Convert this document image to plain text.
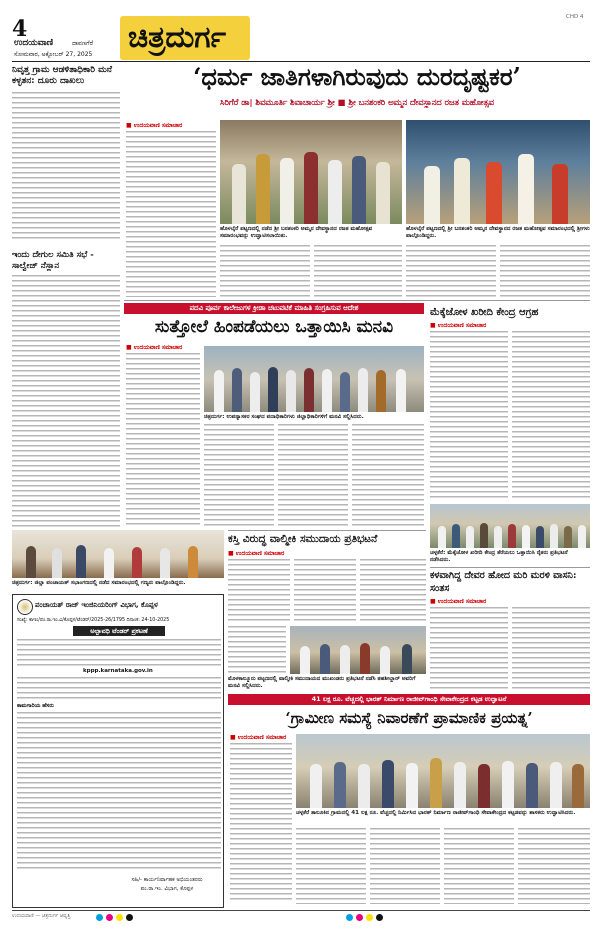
4
ಉದಯವಾಣಿ	ದಾವಣಗೆರೆ
ಸೋಮವಾರ, ಅಕ್ಟೋಬರ್ 27, 2025 ಚಿತ್ರದುರ್ಗ
CHD 4
ನಿವೃತ್ತ ಗ್ರಾಮ ಆಡಳಿತಾಧಿಕಾರಿ ಮನೆ ಕಳ್ಳತನ: ದೂರು ದಾಖಲು
ಇಂದು ದೇಗುಲ ಸಮಿತಿ ಸಭೆ - ಸಾಲ್ವೇಜ್ ನೆಸ್ಲಾನ
ಚಿತ್ರದುರ್ಗ: ಜಿಲ್ಲಾ ಪಂಚಾಯತ್ ಸಭಾಂಗಣದಲ್ಲಿ ನಡೆದ ಸಮಾರಂಭದಲ್ಲಿ ಗಣ್ಯರು ಪಾಲ್ಗೊಂಡಿದ್ದರು.
‘ಧರ್ಮ ಜಾತಿಗಳಾಗಿರುವುದು ದುರದೃಷ್ಟಕರ’
ಸಿರಿಗೆರೆ ಡಾ| ಶಿವಮೂರ್ತಿ ಶಿವಾಚಾರ್ಯ ಶ್ರೀ ■ ಶ್ರೀ ಬನಶಂಕರಿ ಅಮ್ಮನ ದೇವಸ್ಥಾನದ ರಜತ ಮಹೋತ್ಸವ
■ ಉದಯವಾಣಿ ಸಮಾಚಾರ
ಹೊಳಲ್ಕೆರೆ ಪಟ್ಟಣದಲ್ಲಿ ನಡೆದ ಶ್ರೀ ಬನಶಂಕರಿ ಅಮ್ಮನ ದೇವಸ್ಥಾನದ ರಜತ ಮಹೋತ್ಸವ ಸಮಾರಂಭವನ್ನು ಉದ್ಘಾಟಿಸಲಾಯಿತು.
ಹೊಳಲ್ಕೆರೆ ಪಟ್ಟಣದಲ್ಲಿ ಶ್ರೀ ಬನಶಂಕರಿ ಅಮ್ಮನ ದೇವಸ್ಥಾನದ ರಜತ ಮಹೋತ್ಸವ ಸಮಾರಂಭದಲ್ಲಿ ಶ್ರೀಗಳು ಪಾಲ್ಗೊಂಡಿದ್ದರು.
ಪದವಿ ಪೂರ್ವ ಕಾಲೇಜುಗಳ ಕ್ರೀಡಾ ಚಟುವಟಿಕೆ ಮಾಹಿತಿ ಸಂಗ್ರಹಿಸುವ ಆದೇಶ
ಸುತ್ತೋಲೆ ಹಿಂಪಡೆಯಲು ಒತ್ತಾಯಿಸಿ ಮನವಿ
■ ಉದಯವಾಣಿ ಸಮಾಚಾರ
ಚಿತ್ರದುರ್ಗ: ಉಪನ್ಯಾಸಕರ ಸಂಘದ ಪದಾಧಿಕಾರಿಗಳು ಜಿಲ್ಲಾಧಿಕಾರಿಗಳಿಗೆ ಮನವಿ ಸಲ್ಲಿಸಿದರು.
ಮೆಕ್ಕೆಜೋಳ ಖರೀದಿ ಕೇಂದ್ರ ಆಗ್ರಹ
■ ಉದಯವಾಣಿ ಸಮಾಚಾರ
ಚಳ್ಳಕೆರೆ: ಮೆಕ್ಕೆಜೋಳ ಖರೀದಿ ಕೇಂದ್ರ ತೆರೆಯಲು ಒತ್ತಾಯಿಸಿ ರೈತರು ಪ್ರತಿಭಟನೆ ನಡೆಸಿದರು.
ಕಸ್ತಿ ವಿರುದ್ಧ ವಾಲ್ಮೀಕಿ ಸಮುದಾಯ ಪ್ರತಿಭಟನೆ
■ ಉದಯವಾಣಿ ಸಮಾಚಾರ
ಮೊಳಕಾಲ್ಮೂರು ಪಟ್ಟಣದಲ್ಲಿ ವಾಲ್ಮೀಕಿ ಸಮುದಾಯದ ಮುಖಂಡರು ಪ್ರತಿಭಟನೆ ನಡೆಸಿ ತಹಶೀಲ್ದಾರ್ ಅವರಿಗೆ ಮನವಿ ಸಲ್ಲಿಸಿದರು.
ಕಳವಾಗಿದ್ದ ದೇವರ ಹೋದ ಮರಿ ಮರಳಿ ವಾಸನಿ: ಸಂತಸ
■ ಉದಯವಾಣಿ ಸಮಾಚಾರ
ಪಂಚಾಯತ್ ರಾಜ್ ಇಂಜಿನಿಯರಿಂಗ್ ವಿಭಾಗ, ಕೊಪ್ಪಳ
ಸಂಖ್ಯೆ: ಕಾಇಂ/ಪಂ.ರಾ.ಇಂ.ವಿ/ಕೊಪ್ಪಳ/ಟೆಂಡರ್/2025-26/1795 ದಿನಾಂಕ: 24-10-2025
ಅಲ್ಪಾವಧಿ ಟೆಂಡರ್ ಪ್ರಕಟಣೆ
kppp.karnataka.gov.in
ಕಾಮಗಾರಿಯ ಹೆಸರು
ಸಹಿ/- ಕಾರ್ಯನಿರ್ವಾಹಕ ಅಭಿಯಂತರರು
ಪಂ.ರಾ.ಇಂ. ವಿಭಾಗ, ಕೊಪ್ಪಳ
41 ಲಕ್ಷ ರೂ. ವೆಚ್ಚದಲ್ಲಿ ಭಾರತ್ ನಿರ್ಮಾಣ ರಾಜೀವ್‌ಗಾಂಧಿ ಸೇವಾಕೇಂದ್ರದ ಕಟ್ಟಡ ಉದ್ಘಾಟನೆ
‘ಗ್ರಾಮೀಣ ಸಮಸ್ಯೆ ನಿವಾರಣೆಗೆ ಪ್ರಾಮಾಣಿಕ ಪ್ರಯತ್ನ’
■ ಉದಯವಾಣಿ ಸಮಾಚಾರ
ಚಳ್ಳಕೆರೆ ತಾಲೂಕಿನ ಗ್ರಾಮದಲ್ಲಿ 41 ಲಕ್ಷ ರೂ. ವೆಚ್ಚದಲ್ಲಿ ನಿರ್ಮಿಸಿದ ಭಾರತ್ ನಿರ್ಮಾಣ ರಾಜೀವ್‌ಗಾಂಧಿ ಸೇವಾಕೇಂದ್ರದ ಕಟ್ಟಡವನ್ನು ಶಾಸಕರು ಉದ್ಘಾಟಿಸಿದರು.
ಉದಯವಾಣಿ — ಚಿತ್ರದುರ್ಗ ಆವೃತ್ತಿ
